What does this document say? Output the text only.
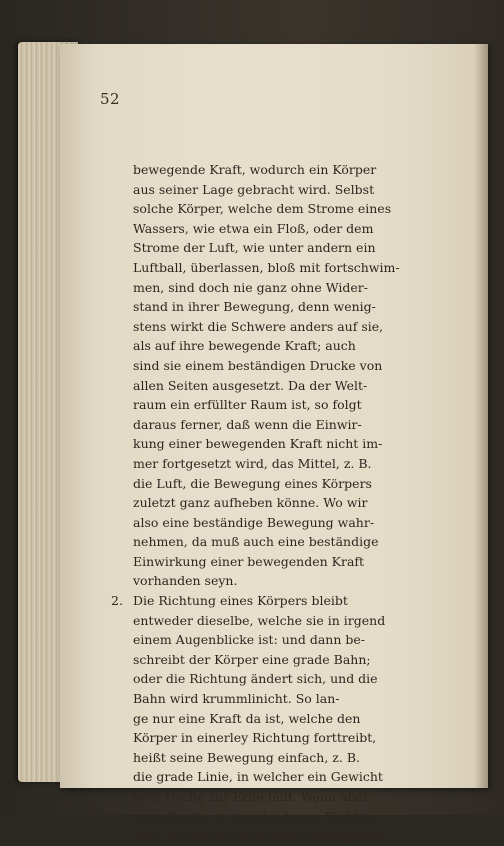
52
bewegende Kraft, wodurch ein Körper
aus seiner Lage gebracht wird. Selbst
solche Körper, welche dem Strome eines
Wassers, wie etwa ein Floß, oder dem
Strome der Luft, wie unter andern ein
Luftball, überlassen, bloß mit fortschwim-
men, sind doch nie ganz ohne Wider-
stand in ihrer Bewegung, denn wenig-
stens wirkt die Schwere anders auf sie,
als auf ihre bewegende Kraft; auch
sind sie einem beständigen Drucke von
allen Seiten ausgesetzt. Da der Welt-
raum ein erfüllter Raum ist, so folgt
daraus ferner, daß wenn die Einwir-
kung einer bewegenden Kraft nicht im-
mer fortgesetzt wird, das Mittel, z. B.
die Luft, die Bewegung eines Körpers
zuletzt ganz aufheben könne. Wo wir
also eine beständige Bewegung wahr-
nehmen, da muß auch eine beständige
Einwirkung einer bewegenden Kraft
vorhanden seyn.
2. Die Richtung eines Körpers bleibt
entweder dieselbe, welche sie in irgend
einem Augenblicke ist: und dann be-
schreibt der Körper eine grade Bahn;
oder die Richtung ändert sich, und die
Bahn wird krummlinicht. So lan-
ge nur eine Kraft da ist, welche den
Körper in einerley Richtung forttreibt,
heißt seine Bewegung einfach, z. B.
die grade Linie, in welcher ein Gewicht
vom Tische zur Erde fällt. Wenn aber
zwey Kräfte in verschiedenen Richtun-
gen, die sich nicht gradezu entgegenge-
